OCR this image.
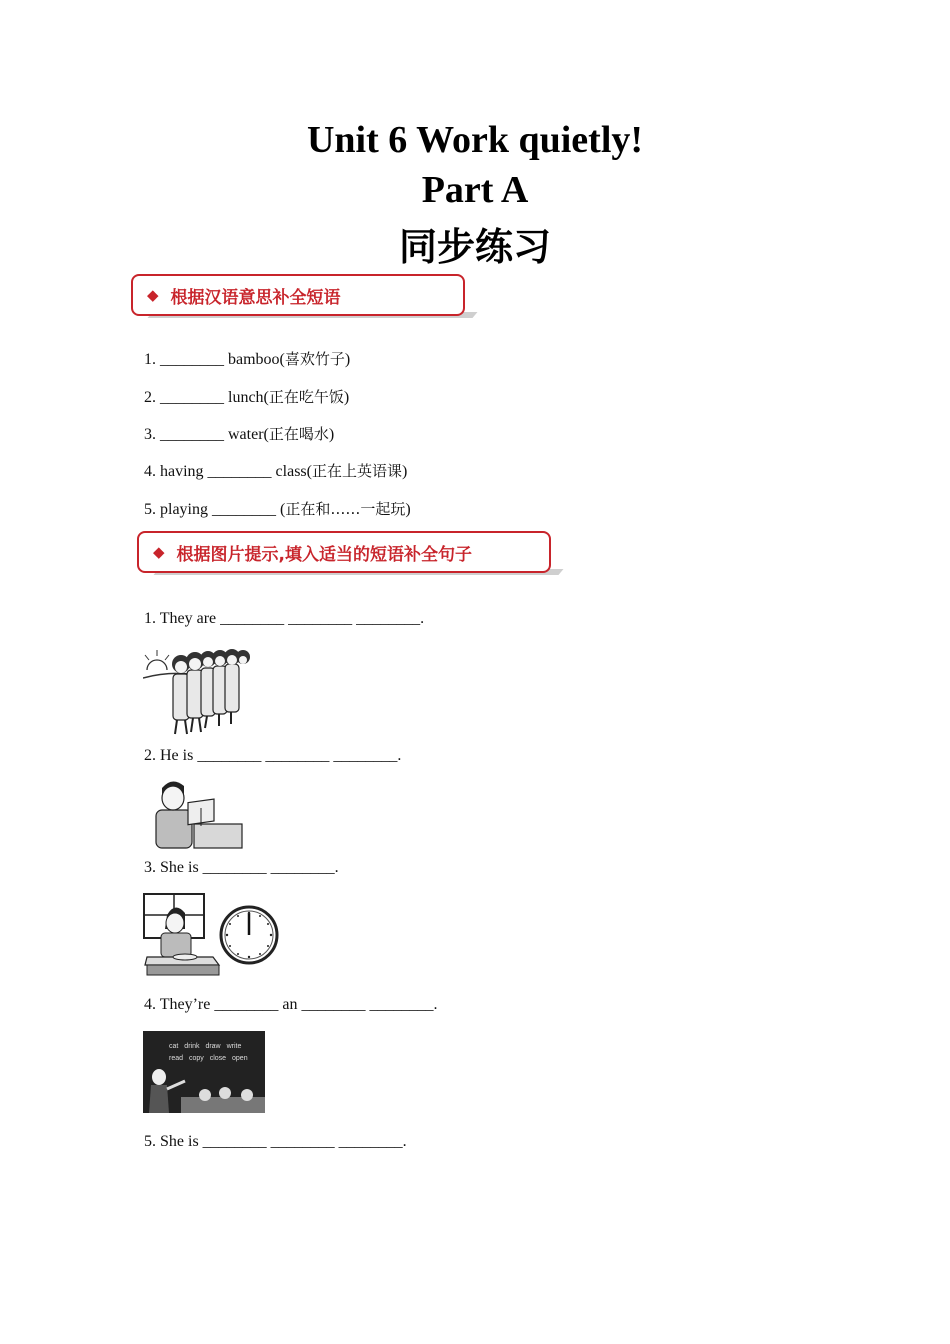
Unit 6 Work quietly!
Part A
同步练习
◆ 根据汉语意思补全短语
1. ________ bamboo(喜欢竹子)
2. ________ lunch(正在吃午饭)
3. ________ water(正在喝水)
4. having ________ class(正在上英语课)
5. playing ________ (正在和……一起玩)
◆ 根据图片提示,填入适当的短语补全句子
1. They are ________ ________ ________.
2. He is ________ ________ ________.
3. She is ________ ________.
4. They’re ________ an ________ ________.
cat drink draw write
read copy close open
5. She is ________ ________ ________.
